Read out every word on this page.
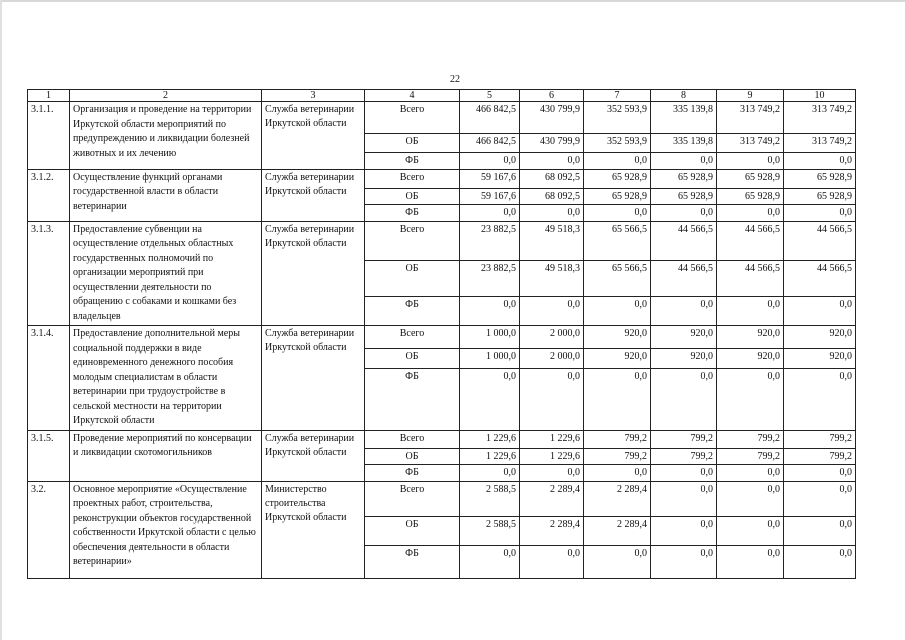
22
1	2	3	4	5	6	7	8	9	10
3.1.1.	Организация и проведение на территории Иркутской области мероприятий по предупреждению и ликвидации болезней животных и их лечению	Служба ветеринарии Иркутской области	Всего	466 842,5	430 799,9	352 593,9	335 139,8	313 749,2	313 749,2
			ОБ	466 842,5	430 799,9	352 593,9	335 139,8	313 749,2	313 749,2
			ФБ	0,0	0,0	0,0	0,0	0,0	0,0
3.1.2.	Осуществление функций органами государственной власти в области ветеринарии	Служба ветеринарии Иркутской области	Всего	59 167,6	68 092,5	65 928,9	65 928,9	65 928,9	65 928,9
			ОБ	59 167,6	68 092,5	65 928,9	65 928,9	65 928,9	65 928,9
			ФБ	0,0	0,0	0,0	0,0	0,0	0,0
3.1.3.	Предоставление субвенции на осуществление отдельных областных государственных полномочий по организации мероприятий при осуществлении деятельности по обращению с собаками и кошками без владельцев	Служба ветеринарии Иркутской области	Всего	23 882,5	49 518,3	65 566,5	44 566,5	44 566,5	44 566,5
			ОБ	23 882,5	49 518,3	65 566,5	44 566,5	44 566,5	44 566,5
			ФБ	0,0	0,0	0,0	0,0	0,0	0,0
3.1.4.	Предоставление дополнительной меры социальной поддержки в виде единовременного денежного пособия молодым специалистам в области ветеринарии при трудоустройстве в сельской местности на территории Иркутской области	Служба ветеринарии Иркутской области	Всего	1 000,0	2 000,0	920,0	920,0	920,0	920,0
			ОБ	1 000,0	2 000,0	920,0	920,0	920,0	920,0
			ФБ	0,0	0,0	0,0	0,0	0,0	0,0
3.1.5.	Проведение мероприятий по консервации и ликвидации скотомогильников	Служба ветеринарии Иркутской области	Всего	1 229,6	1 229,6	799,2	799,2	799,2	799,2
			ОБ	1 229,6	1 229,6	799,2	799,2	799,2	799,2
			ФБ	0,0	0,0	0,0	0,0	0,0	0,0
3.2.	Основное мероприятие «Осуществление проектных работ, строительства, реконструкции объектов государственной собственности Иркутской области с целью обеспечения деятельности в области ветеринарии»	Министерство строительства Иркутской области	Всего	2 588,5	2 289,4	2 289,4	0,0	0,0	0,0
			ОБ	2 588,5	2 289,4	2 289,4	0,0	0,0	0,0
			ФБ	0,0	0,0	0,0	0,0	0,0	0,0
